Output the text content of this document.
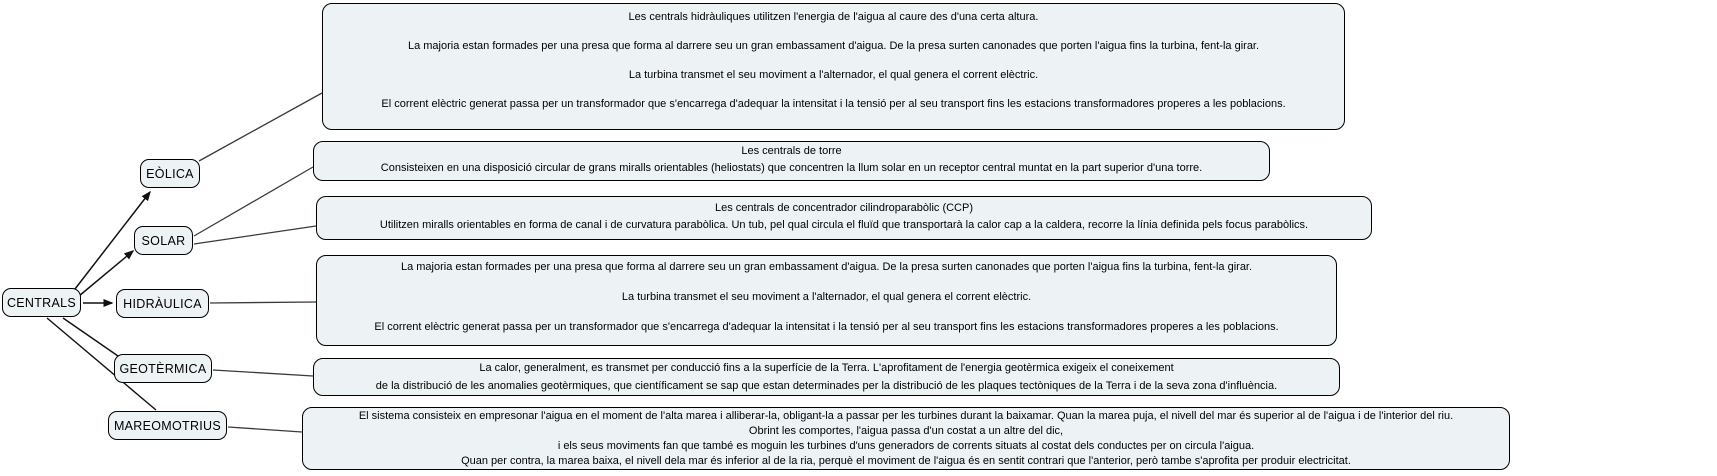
CENTRALS
EÒLICA
SOLAR
HIDRÀULICA
GEOTÈRMICA
MAREOMOTRIUS
Les centrals hidràuliques utilitzen l'energia de l'aigua al caure des d'una certa altura.
La majoria estan formades per una presa que forma al darrere seu un gran embassament d'aigua. De la presa surten canonades que porten l'aigua fins la turbina, fent-la girar.
La turbina transmet el seu moviment a l'alternador, el qual genera el corrent elèctric.
El corrent elèctric generat passa per un transformador que s'encarrega d'adequar la intensitat i la tensió per al seu transport fins les estacions transformadores properes a les poblacions.
Les centrals de torre
Consisteixen en una disposició circular de grans miralls orientables (heliostats) que concentren la llum solar en un receptor central muntat en la part superior d'una torre.
Les centrals de concentrador cilindroparabòlic (CCP)
Utilitzen miralls orientables en forma de canal i de curvatura parabòlica. Un tub, pel qual circula el fluïd que transportarà la calor cap a la caldera, recorre la línia definida pels focus parabòlics.
La majoria estan formades per una presa que forma al darrere seu un gran embassament d'aigua. De la presa surten canonades que porten l'aigua fins la turbina, fent-la girar.
La turbina transmet el seu moviment a l'alternador, el qual genera el corrent elèctric.
El corrent elèctric generat passa per un transformador que s'encarrega d'adequar la intensitat i la tensió per al seu transport fins les estacions transformadores properes a les poblacions.
La calor, generalment, es transmet per conducció fins a la superfície de la Terra. L'aprofitament de l'energia geotèrmica exigeix el coneixement
de la distribució de les anomalies geotèrmiques, que científicament se sap que estan determinades per la distribució de les plaques tectòniques de la Terra i de la seva zona d'influència.
El sistema consisteix en empresonar l'aigua en el moment de l'alta marea i alliberar-la, obligant-la a passar per les turbines durant la baixamar. Quan la marea puja, el nivell del mar és superior al de l'aigua i de l'interior del riu.
Obrint les comportes, l'aigua passa d'un costat a un altre del dic,
i els seus moviments fan que també es moguin les turbines d'uns generadors de corrents situats al costat dels conductes per on circula l'aigua.
Quan per contra, la marea baixa, el nivell dela mar és inferior al de la ria, perquè el moviment de l'aigua és en sentit contrari que l'anterior, però tambe s'aprofita per produir electricitat.
